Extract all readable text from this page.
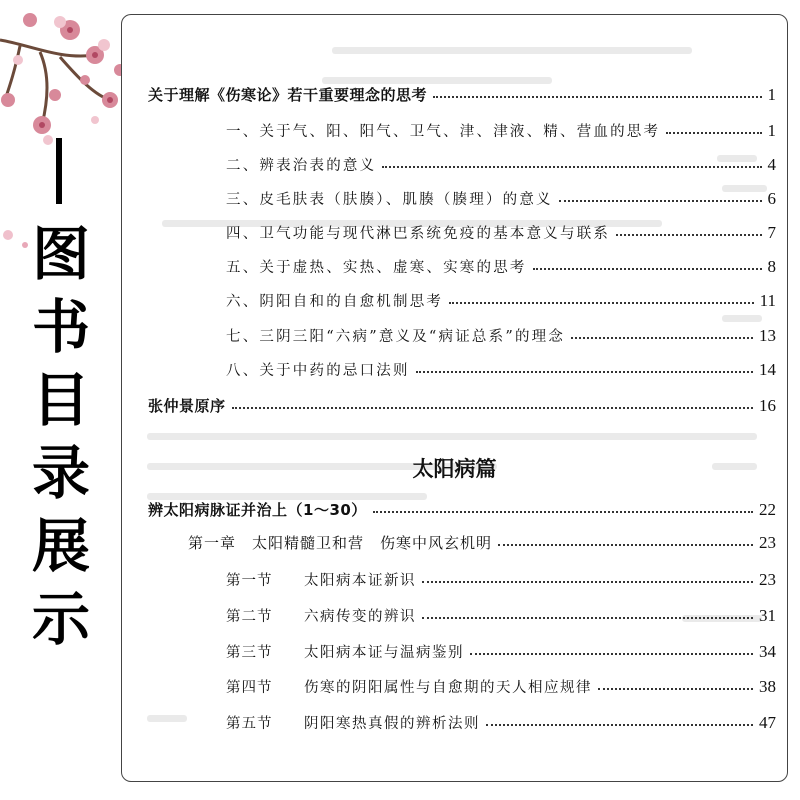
图
书
目
录
展
示
关于理解《伤寒论》若干重要理念的思考	1
一、关于气、阳、阳气、卫气、津、津液、精、营血的思考	1
二、辨表治表的意义	4
三、皮毛肤表（肤腠）、肌腠（腠理）的意义	6
四、卫气功能与现代淋巴系统免疫的基本意义与联系	7
五、关于虚热、实热、虚寒、实寒的思考	8
六、阴阳自和的自愈机制思考	11
七、三阴三阳“六病”意义及“病证总系”的理念	13
八、关于中药的忌口法则	14
张仲景原序	16
太阳病篇
辨太阳病脉证并治上（1～30）	22
第一章　太阳精髓卫和营　伤寒中风玄机明	23
第一节 太阳病本证新识	23
第二节 六病传变的辨识	31
第三节 太阳病本证与温病鉴别	34
第四节 伤寒的阴阳属性与自愈期的天人相应规律	38
第五节 阴阳寒热真假的辨析法则	47
